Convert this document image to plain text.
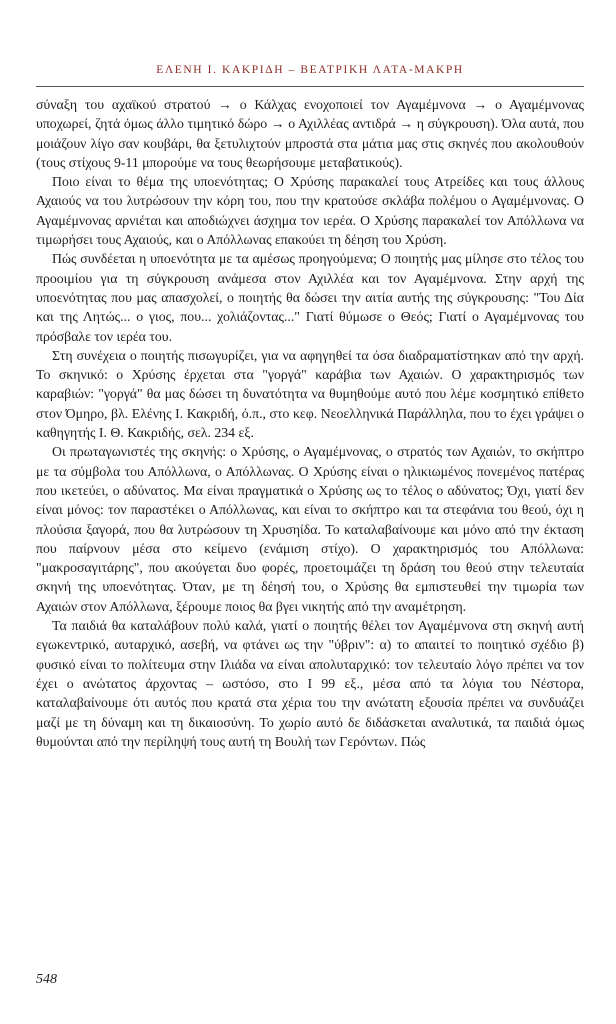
ΕΛΕΝΗ Ι. ΚΑΚΡΙΔΗ – ΒΕΑΤΡΙΚΗ ΛΑΤΑ-ΜΑΚΡΗ

σύναξη του αχαϊκού στρατού → ο Κάλχας ενοχοποιεί τον Αγαμέμνονα → ο Αγαμέμνονας υποχωρεί, ζητά όμως άλλο τιμητικό δώρο → ο Αχιλλέας αντιδρά → η σύγκρουση). Όλα αυτά, που μοιάζουν λίγο σαν κουβάρι, θα ξετυλιχτούν μπροστά στα μάτια μας στις σκηνές που ακολουθούν (τους στίχους 9-11 μπορούμε να τους θεωρήσουμε μεταβατικούς).

Ποιο είναι το θέμα της υποενότητας; Ο Χρύσης παρακαλεί τους Ατρείδες και τους άλλους Αχαιούς να του λυτρώσουν την κόρη του, που την κρατούσε σκλάβα πολέμου ο Αγαμέμνονας. Ο Αγαμέμνονας αρνιέται και αποδιώχνει άσχημα τον ιερέα. Ο Χρύσης παρακαλεί τον Απόλλωνα να τιμωρήσει τους Αχαιούς, και ο Απόλλωνας επακούει τη δέηση του Χρύση.

Πώς συνδέεται η υποενότητα με τα αμέσως προηγούμενα; Ο ποιητής μας μίλησε στο τέλος του προοιμίου για τη σύγκρουση ανάμεσα στον Αχιλλέα και τον Αγαμέμνονα. Στην αρχή της υποενότητας που μας απασχολεί, ο ποιητής θα δώσει την αιτία αυτής της σύγκρουσης: "Του Δία και της Λητώς... ο γιος, που... χολιάζοντας..." Γιατί θύμωσε ο Θεός; Γιατί ο Αγαμέμνονας του πρόσβαλε τον ιερέα του.

Στη συνέχεια ο ποιητής πισωγυρίζει, για να αφηγηθεί τα όσα διαδραματίστηκαν από την αρχή. Το σκηνικό: ο Χρύσης έρχεται στα "γοργά" καράβια των Αχαιών. Ο χαρακτηρισμός των καραβιών: "γοργά" θα μας δώσει τη δυνατότητα να θυμηθούμε αυτό που λέμε κοσμητικό επίθετο στον Όμηρο, βλ. Ελένης Ι. Κακριδή, ό.π., στο κεφ. Νεοελληνικά Παράλληλα, που το έχει γράψει ο καθηγητής Ι. Θ. Κακριδής, σελ. 234 εξ.

Οι πρωταγωνιστές της σκηνής: ο Χρύσης, ο Αγαμέμνονας, ο στρατός των Αχαιών, το σκήπτρο με τα σύμβολα του Απόλλωνα, ο Απόλλωνας. Ο Χρύσης είναι ο ηλικιωμένος πονεμένος πατέρας που ικετεύει, ο αδύνατος. Μα είναι πραγματικά ο Χρύσης ως το τέλος ο αδύνατος; Όχι, γιατί δεν είναι μόνος: τον παραστέκει ο Απόλλωνας, και είναι το σκήπτρο και τα στεφάνια του θεού, όχι η πλούσια ξαγορά, που θα λυτρώσουν τη Χρυσηίδα. Το καταλαβαίνουμε και μόνο από την έκταση που παίρνουν μέσα στο κείμενο (ενάμιση στίχο). Ο χαρακτηρισμός του Απόλλωνα: "μακροσαγιτάρης", που ακούγεται δυο φορές, προετοιμάζει τη δράση του θεού στην τελευταία σκηνή της υποενότητας. Όταν, με τη δέησή του, ο Χρύσης θα εμπιστευθεί την τιμωρία των Αχαιών στον Απόλλωνα, ξέρουμε ποιος θα βγει νικητής από την αναμέτρηση.

Τα παιδιά θα καταλάβουν πολύ καλά, γιατί ο ποιητής θέλει τον Αγαμέμνονα στη σκηνή αυτή εγωκεντρικό, αυταρχικό, ασεβή, να φτάνει ως την "ύβριν": α) το απαιτεί το ποιητικό σχέδιο β) φυσικό είναι το πολίτευμα στην Ιλιάδα να είναι απολυταρχικό: τον τελευταίο λόγο πρέπει να τον έχει ο ανώτατος άρχοντας – ωστόσο, στο Ι 99 εξ., μέσα από τα λόγια του Νέστορα, καταλαβαίνουμε ότι αυτός που κρατά στα χέρια του την ανώτατη εξουσία πρέπει να συνδυάζει μαζί με τη δύναμη και τη δικαιοσύνη. Το χωρίο αυτό δε διδάσκεται αναλυτικά, τα παιδιά όμως θυμούνται από την περίληψή τους αυτή τη Βουλή των Γερόντων. Πώς

548
